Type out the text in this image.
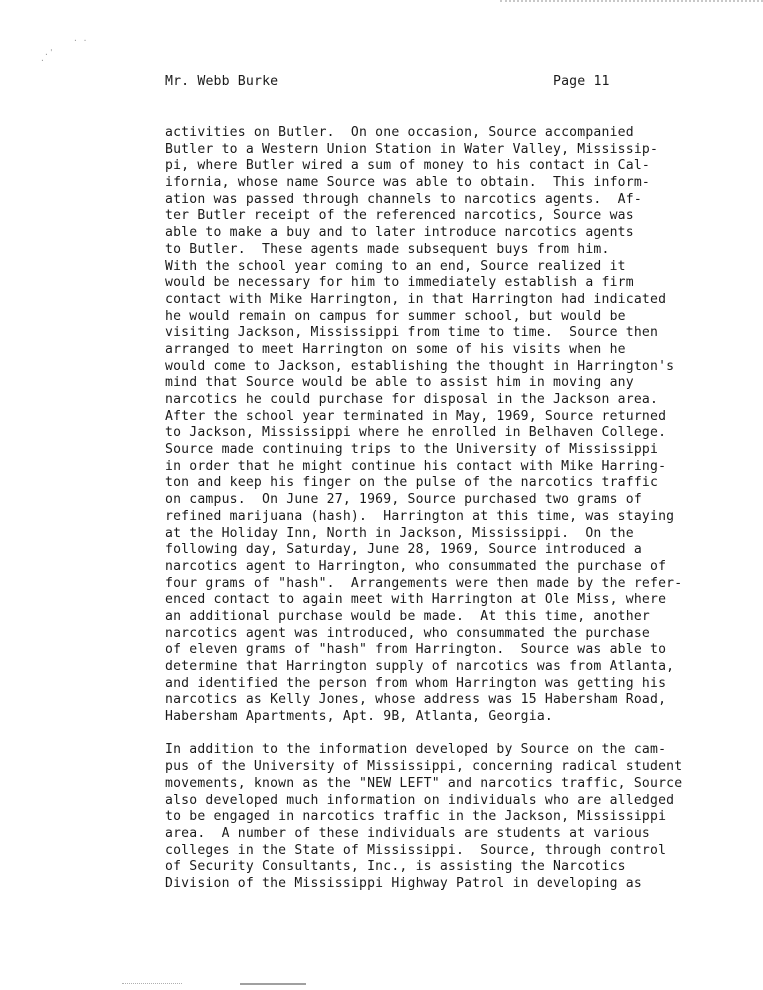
. .
.'
.
Mr. Webb Burke	Page 11
activities on Butler.  On one occasion, Source accompanied
Butler to a Western Union Station in Water Valley, Mississip-
pi, where Butler wired a sum of money to his contact in Cal-
ifornia, whose name Source was able to obtain.  This inform-
ation was passed through channels to narcotics agents.  Af-
ter Butler receipt of the referenced narcotics, Source was
able to make a buy and to later introduce narcotics agents
to Butler.  These agents made subsequent buys from him.
With the school year coming to an end, Source realized it
would be necessary for him to immediately establish a firm
contact with Mike Harrington, in that Harrington had indicated
he would remain on campus for summer school, but would be
visiting Jackson, Mississippi from time to time.  Source then
arranged to meet Harrington on some of his visits when he
would come to Jackson, establishing the thought in Harrington's
mind that Source would be able to assist him in moving any
narcotics he could purchase for disposal in the Jackson area.
After the school year terminated in May, 1969, Source returned
to Jackson, Mississippi where he enrolled in Belhaven College.
Source made continuing trips to the University of Mississippi
in order that he might continue his contact with Mike Harring-
ton and keep his finger on the pulse of the narcotics traffic
on campus.  On June 27, 1969, Source purchased two grams of
refined marijuana (hash).  Harrington at this time, was staying
at the Holiday Inn, North in Jackson, Mississippi.  On the
following day, Saturday, June 28, 1969, Source introduced a
narcotics agent to Harrington, who consummated the purchase of
four grams of "hash".  Arrangements were then made by the refer-
enced contact to again meet with Harrington at Ole Miss, where
an additional purchase would be made.  At this time, another
narcotics agent was introduced, who consummated the purchase
of eleven grams of "hash" from Harrington.  Source was able to
determine that Harrington supply of narcotics was from Atlanta,
and identified the person from whom Harrington was getting his
narcotics as Kelly Jones, whose address was 15 Habersham Road,
Habersham Apartments, Apt. 9B, Atlanta, Georgia.
In addition to the information developed by Source on the cam-
pus of the University of Mississippi, concerning radical student
movements, known as the "NEW LEFT" and narcotics traffic, Source
also developed much information on individuals who are alledged
to be engaged in narcotics traffic in the Jackson, Mississippi
area.  A number of these individuals are students at various
colleges in the State of Mississippi.  Source, through control
of Security Consultants, Inc., is assisting the Narcotics
Division of the Mississippi Highway Patrol in developing as
